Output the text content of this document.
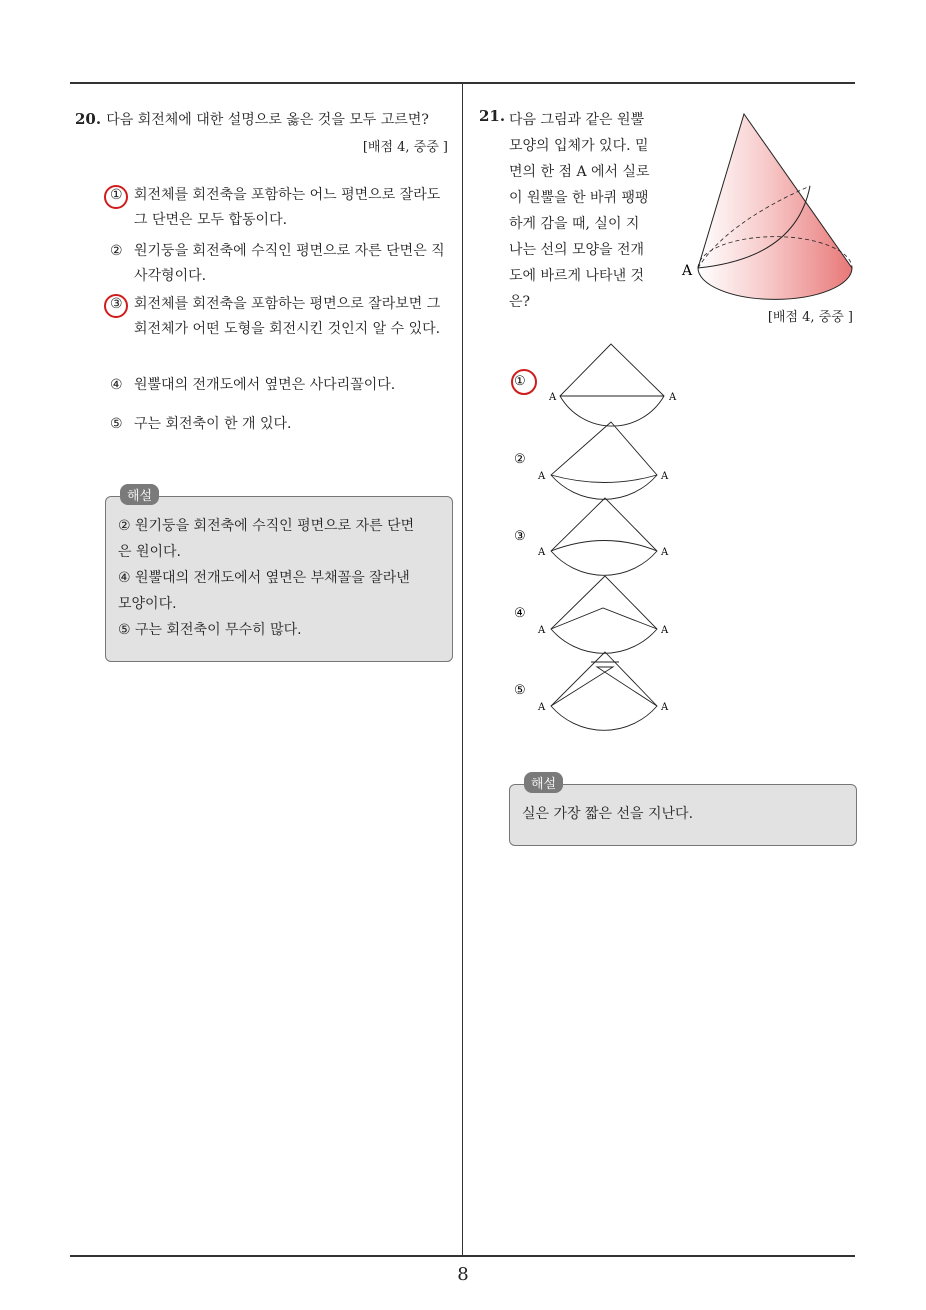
20. 다음 회전체에 대한 설명으로 옳은 것을 모두 고르면?
[배점 4, 중중 ]
① 회전체를 회전축을 포함하는 어느 평면으로 잘라도 그 단면은 모두 합동이다.
② 원기둥을 회전축에 수직인 평면으로 자른 단면은 직사각형이다.
③ 회전체를 회전축을 포함하는 평면으로 잘라보면 그 회전체가 어떤 도형을 회전시킨 것인지 알 수 있다.
④ 원뿔대의 전개도에서 옆면은 사다리꼴이다.
⑤ 구는 회전축이 한 개 있다.
② 원기둥을 회전축에 수직인 평면으로 자른 단면
은 원이다.
④ 원뿔대의 전개도에서 옆면은 부채꼴을 잘라낸
모양이다.
⑤ 구는 회전축이 무수히 많다.
해설
21. 다음 그림과 같은 원뿔
모양의 입체가 있다. 밑
면의 한 점 A 에서 실로
이 원뿔을 한 바퀴 팽팽
하게 감을 때, 실이 지
나는 선의 모양을 전개
도에 바르게 나타낸 것
은?
A
[배점 4, 중중 ]
①
A	A
②
A	A
③
A	A
④
A	A
⑤
A	A
실은 가장 짧은 선을 지난다.
해설
8
